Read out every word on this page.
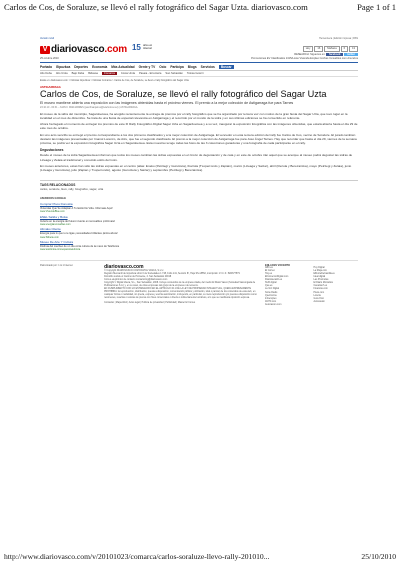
Carlos de Cos, de Soraluze, se llevó el rally fotográfico del Sagar Uzta. diariovasco.com	Page 1 of 1
Versión móvil	Hemeroteca | Edición impresa | RSS
V diariovasco.com 15 años en internet	Hoy	16	Mañana	6	13
RESEARCH: Síguenos en: facebook	twitter
25 octubre 2010	Promociones EV Clasificados 1/4/5/Loote Vivienda Empleo Coches Inmuebles.com Anuncios
Portada Gipuzkoa Deportes Economía Más Actualidad Gente y TV Ocio Participa Blogs Servicios	Buscar
Alto Deba Alto Urola Bajo Deba Bidasoa	Comarca	Costa Urola Pasaia - Errenteria San Sebastián Tolosa Goierri
Estás en: diariovasco.com > Noticias Gipuzkoa > Noticias Comarca > Carlos de Cos, de Soraluze, se llevó el rally fotográfico del Sagar Uzta
ASTIGARRAGA
Carlos de Cos, de Soraluze, se llevó el rally fotográfico del Sagar Uzta
El museo mantiene abierta una exposición con las imágenes obtenidas hasta el próximo viernes. El premio a la mejor colección de Astigarraga fue para Tarnes
23.10.10 - 00:31 - JUAN F. MANJARRES (juanfmanjarres@telefonica.net) | ASTIGARRAGA.

El museo de la sidra del municipio, Sagardoetxea, ha acogido recientemente la entrega de premios por el rally fotográfico que se ha organizado por tercera vez con motivo de la gran fiesta del Sagar Uzta, que tuvo lugar en la localidad en el mes de diciembre. Se trata de una fiesta de especial relevancia en Astigarraga y el recorrido por el mundo de la sidra y en sus últimas ediciones se ha convertido en referente.

Ahora ha llegado el momento de entregar los premios de este III Rally Fotográfico Digital Sagar Uzta en Sagardoetxea y a su vez, inaugurar la exposición fotográfica con las imágenes obtenidas, que estará abierta hasta el día 29 de este mes de octubre.

En uno acto sencillo se entregó el premio correspondiente a los dos primeros clasificados y a la mejor colección de Astigarraga. El vencedor en esta tercera edición del rally fue Carlos de Cos, vecino de Soraluze. El jurado también destacó las imágenes presentadas por Imanol Lorenzo, de Aizu, que fue el segundo clasificado. El premio a la mejor colección de Astigarraga fue para José Ángel Tarnes. Hay que recordar que hasta el día 29, viernes de la semana próxima, se podrá ver la exposición fotográfica Sagar Uzta en Sagardoetxea. Esta muestra recoge todas las fotos de las 3 colecciones ganadoras y una fotografía de cada participante en el rally.

Degustaciones

Desde el museo de la sidra Sagardoetxea informan que todos los meses cambian las sidras expuestas en el rincón de degustación y de cata y en este de octubre irán aquél que se acerque al museo podrá degustar las sidras de Lizeaga y Zelaia al tradicional y conocido estilo del txotx.

En meses anteriores, estas han sido las sidras expuestas en el centro (alias: Eneko (Petritegi y Gurutzeta), Ibarrola (Txoperrondo y Zapiain), marzo (Lizeaga y Saizar), abril (Rezola y Berezaintxa), mayo (Petritegi y Zelaia), junio (Lizeaga y Gurutzeta), julio (Zapian y Txoperrondo), agosto (Gurutzeta y Saizar) y septiembre (Petritegi y Berezaintxa).

TAGS RELACIONADOS
carlos, soraluze, llevo, rally, fotografico, sagar, uzta
ANUNCIOS GOOGLE
Comprar Pisos Donostia
Viviendas Que Se Adaptan A Tu Estilo De Vida. Infórmate Aquí!
www.ViviendeBlue.com
ENEL Salida y Bolsa
Invierte en la energía del futuro invierte en renovables ¡infórmate!
www.energiarenovables.com
Alimako Cliente
Energía para lo que tu te ligas ¡necesidades brillantes ¡Entra ahora!
www.Stibetie.com
Museo De Arte Y Cultura
Disfruta del mecheo de un día corta cultura de la mano de Telefónica
www.telefonica.com/espaciotelefonica
Patrocinado por: 1 & 1 Internet	diariovasco.com
© Copyright DIARIOVASCO.COM DIGITAL VASCA, S.L.U.
Registro Mercantil de Gipuzkoa Libro 0 de Sociedades 1 748, Folio 141, Sección 8ª, Hoja SS-18552, inscripción 1ª C.I.F.: B20677579
Domicilio social en Camino de Portuetxe, 2. San Sebastián 20018
Correo electrónico de contacto contactoimg@diariovasco.com
Copyright © Digital Vasca, S.L., San Sebastián, 2008. Incluye contenidos de la empresa citada, del medio El Diario Vasco (Sociedad Vascongada de Publicaciones S.A.) y, en su caso, de otras empresas del grupo de la empresa o de terceros.
EN CUMPLIMIENTO CON LO ESTABLECIDO EN EL ARTÍCULO 32.1 DE LA LEY DE PROPIEDAD INTELECTUAL, QUEDA EXPRESAMENTE PROHIBIDA: la reproducción, distribución, puesta a disposición, comunicación pública y utilización, total o parcial, de los contenidos de esta web, en cualquier forma o modalidad, sin previa, expresa y escrita autorización, incluyendo, en particular, su mera reproducción y/o puesta a disposición como resúmenes, reseñas o revistas de prensa con fines comerciales o directa o indirectamente lucrativos, a lo que se manifiesta oposición expresa.
Contactar | Mapa Web | Aviso legal | Política de privacidad | Publicidad | Master El Correo
ENLACES VOCENTO
ABC.es
El Correo
Hoy.es
ElComercioDigital.com
Diariodecadiz.es
SUR digital
Qué.es
La Voz Digital
Norte Radio
QueCocina
Infoempleo
11870.com
Autocasion.com
Hoy Digital
La Rioja.com
ElNorteDeCastilla.es
Ideal digital
Las Provincias
El Diario Montañés
Canarias7.es
Finanzas.com
Pisos.com
Lotería
Guía Ocio
Autocasion
http://www.diariovasco.com/v/20101023/comarca/carlos-soraluze-llevo-rally-201010...	25/10/2010
